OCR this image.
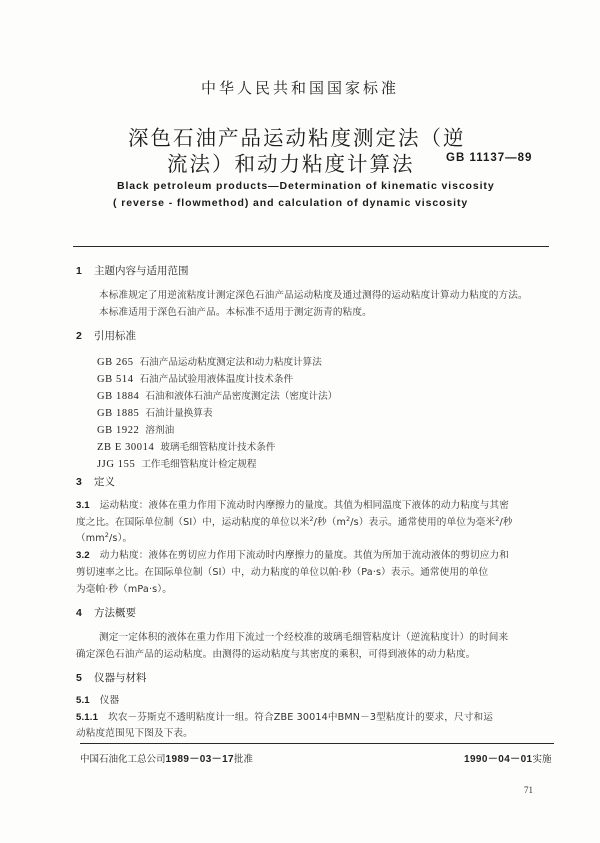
中华人民共和国国家标准
深色石油产品运动粘度测定法（逆
流法）和动力粘度计算法	GB 11137—89
Black petroleum products—Determination of kinematic viscosity
( reverse - flowmethod) and calculation of dynamic viscosity
1 主题内容与适用范围
本标准规定了用逆流粘度计测定深色石油产品运动粘度及通过测得的运动粘度计算动力粘度的方法。
本标准适用于深色石油产品。本标准不适用于测定沥青的粘度。
2 引用标准
GB 265 石油产品运动粘度测定法和动力粘度计算法
GB 514 石油产品试验用液体温度计技术条件
GB 1884 石油和液体石油产品密度测定法（密度计法）
GB 1885 石油计量换算表
GB 1922 溶剂油
ZB E 30014 玻璃毛细管粘度计技术条件
JJG 155 工作毛细管粘度计检定规程
3 定义
3.1 运动粘度：液体在重力作用下流动时内摩擦力的量度。其值为相同温度下液体的动力粘度与其密
度之比。在国际单位制（SI）中，运动粘度的单位以米$^2$/秒$(m^2/s)$表示。通常使用的单位为毫米$^2$/秒
$(mm^2/s)$。
3.2 动力粘度：液体在剪切应力作用下流动时内摩擦力的量度。其值为所加于流动液体的剪切应力和
剪切速率之比。在国际单位制（SI）中，动力粘度的单位以帕·秒（Pa·s）表示。通常使用的单位
为毫帕·秒（mPa·s）。
4 方法概要
测定一定体积的液体在重力作用下流过一个经校准的玻璃毛细管粘度计（逆流粘度计）的时间来
确定深色石油产品的运动粘度。由测得的运动粘度与其密度的乘积，可得到液体的动力粘度。
5 仪器与材料
5.1 仪器
5.1.1 坎农－芬斯克不透明粘度计一组。符合ZBE 30014中BMN－3型粘度计的要求，尺寸和运
动粘度范围见下图及下表。
中国石油化工总公司1989－03－17批准	1990－04－01实施
71
